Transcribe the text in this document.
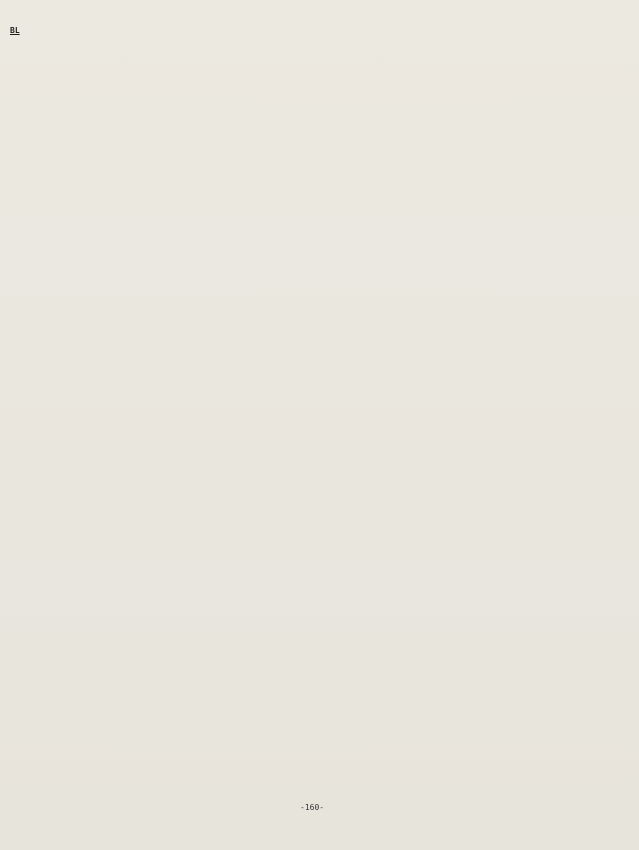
BL
-160-
